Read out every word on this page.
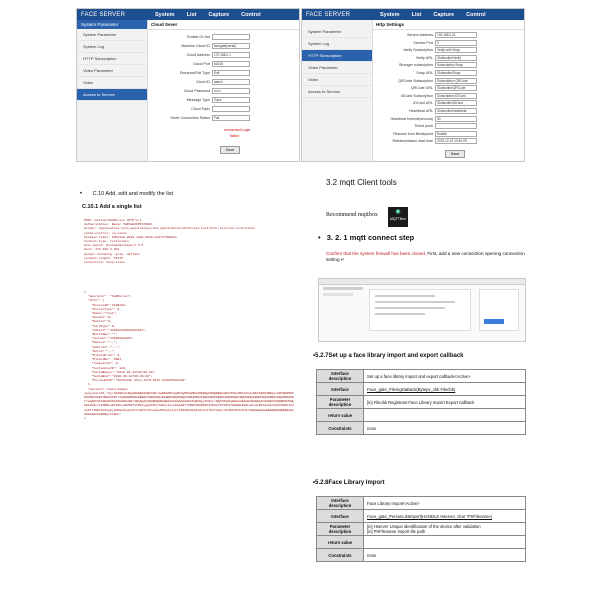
FACE SERVER	System	List	Capture	Control
System Parameter
System Parameter
System Log
HTTP Subscription
Video Parameter
Video
Access to Service
Cloud Sever
Enable Or Not
Machine Cloud ID facegate(serial)
Cloud Address 172.168.2.1
Cloud Port 61616
Entrance/Exit Type Exit
Cloud ID admin
Cloud Password ••••••
Message Type Topic
Cloud Topic
Sever Connection Status Fail
connected,Login
failed
Save
FACE SERVER	System	List	Capture	Control
System Parameter
System Log
HTTP Subscription
Video Parameter
Video
Access to Service
Http Settings
Service Address 192.168.2.21
Service Port 0
Verify Subscription Verify with Snap
Verify URL /Subscribe/Verify
Stranger subscription Subscription Snap
Snap URL /Subscribe/Snap
QRCode Subscription Subscription QRCode
QRCode URL /Subscribe/QRCode
IDCard Subscription Subscription IDCard
IDCard URL /Subscribe/IDCard
Heartbeat URL /Subscribe/heartbeat
Heartbeat Interval(second) 30
Timed push
Resume from Breakpoint Enable
Retransmission start time 2019-12-13 10:40:25
Save
• C.10 Add, edit and modify the list
C.10.1 Add a single list
POST /action/AddPerson HTTP/1.1
Authorization: Basic YWRtaW46MTIzNDU=
Accept: application/json,application/xml,application/xhtml+xml,text/html,text/xml,text/plain
cache-control: no-cache
Postman-Token: 636a138-8846-4da2-9039-4a97cf3688be
Content-Type: text/plain
User-Agent: PostmanRuntime/7.3.5
Host: 172.168.2.202
accept-encoding: gzip, deflate
content-length: 75475
Connection: keep-alive
{
"operator": "AddPerson",
"info": {
"DeviceID":1100132,
"PersonType": 0,
"Name":"test",
"Gender":0,
"Nation":0,
"CardType":0,
"IdCard":"430522199910044011",
"Birthday":"",
"Telnum":"13888888888",
"Native":"……",
"Address":"………",
"Notes":"……",
"MjCardFrom": 0,
"MjCardNo": 9987,
"Tempvalid": 0,
"CustomizeID": 123,
"ValidBegin":"2018-06-12T09:09:20",
"ValidEnd":"2018-06-12T09:09:20",
"PersonUUID":"9078c20c-25ce-4178-8672-3192a55a5cd8"
},
"picinfo":"data:image/
jpeg;base64,/9j/4AAQSkZJRgABAQEASABIAAD/2wBDAAMCAgMCAgMDAwMEAwMEBQgFBQQEBQoHBwYIDAoMDAsKCwsNDhIQDQ4RDgsLEBYQERMUFRUVDA8XGBYUGBIUFRT/2wBDAQMEBAUEBQkFBQkUDQsNFBQUFBQUFBQUFBQUFBQUFBQUFBQUFBQUFBQUFBQUFBQUFBQUFBQUFBQUFBQUFBQUFBQUFBT/wAARCAFAAPADASIAAhEBAxEB/8QAHwAAAQUBAQEBAQEAAAAAAAAAAAECAwQFBgcICQoL/8QAtRAAAgEDAwIEAwUFBAQAAAF9AQIDAAQRBRIhMUEGE1FhByJxFDKBkaEII0KxwRVS0fAkM2JyggkKFhcYGRolJicoKSo0NTY3ODk6Q0RFRkdISUpTVFVWV1hZWmNkZWZnaGlqc3R1dnd4eXqDhIWGh4iJipKTlJWWl5iZmqKjpKWmp6ipqrKztLW2t7i5usLDxMXGx8jJytLT1NXW19jZ2uHi4+Tl5ufo6erx8vP09fb3+Pn6/8QAHwEAAwEBAQEBAQEBAQAAAAAAAAECAwQFBgcICQoL"
}
3.2 mqtt Client tools
Recommend mqttbox	◉
MQTTBox
• 3. 2. 1 mqtt connect step
Confirm that the system firewall has been closed. First, add a new connection opening connection setting ↵
•5.2.7Set up a face library import and export callback
Interface description	Set up a face library import and export callback<Active>
Interface	Face_gate_FilemgsiaBack(Bytepv_cbk Filecbk)
Parameter description	[in] Filecbk Registrant Face Library Import Export callback
return value	
Constraints	none
•5.2.8Face Library Import
Interface description	Face Library Import<Active>
Interface	Face_gate_PersonListImport(HANDLE Hserver, char *PtrFilename)
Parameter description	[in] Hserver Unique identification of the device after validation
[in] PtrFilename Import file path
return value	
Constraints	none
